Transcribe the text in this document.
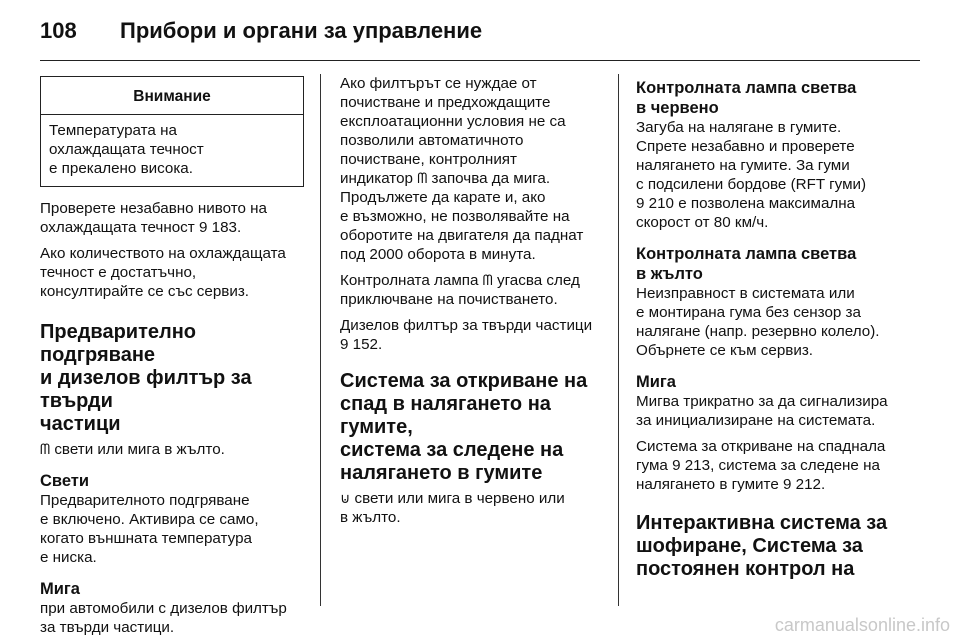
108 Прибори и органи за управление
Внимание
Температурата на
охлаждащата течност
е прекалено висока.

Проверете незабавно нивото на
охлаждащата течност 9 183.

Ако количеството на охлаждащата
течност е достатъчно,
консултирайте се със сервиз.

Предварително подгряване
и дизелов филтър за твърди
частици

ᗰ свети или мига в жълто.

Свети

Предварителното подгряване
е включено. Активира се само,
когато външната температура
е ниска.

Мига

при автомобили с дизелов филтър
за твърди частици.

Ако филтърът се нуждае от
почистване и предхождащите
експлоатационни условия не са
позволили автоматичното
почистване, контролният
индикатор ᗰ започва да мига.
Продължете да карате и, ако
е възможно, не позволявайте на
оборотите на двигателя да паднат
под 2000 оборота в минута.

Контролната лампа ᗰ угасва след
приключване на почистването.

Дизелов филтър за твърди частици
9 152.

Система за откриване на
спад в налягането на гумите,
система за следене на
налягането в гумите

⊍ свети или мига в червено или
в жълто.

Контролната лампа светва
в червено

Загуба на налягане в гумите.
Спрете незабавно и проверете
налягането на гумите. За гуми
с подсилени бордове (RFT гуми)
9 210 е позволена максимална
скорост от 80 км/ч.

Контролната лампа светва
в жълто

Неизправност в системата или
е монтирана гума без сензор за
налягане (напр. резервно колело).
Обърнете се към сервиз.

Мига

Мигва трикратно за да сигнализира
за инициализиране на системата.

Система за откриване на спаднала
гума 9 213, система за следене на
налягането в гумите 9 212.

Интерактивна система за
шофиране, Система за
постоянен контрол на
carmanualsonline.info
